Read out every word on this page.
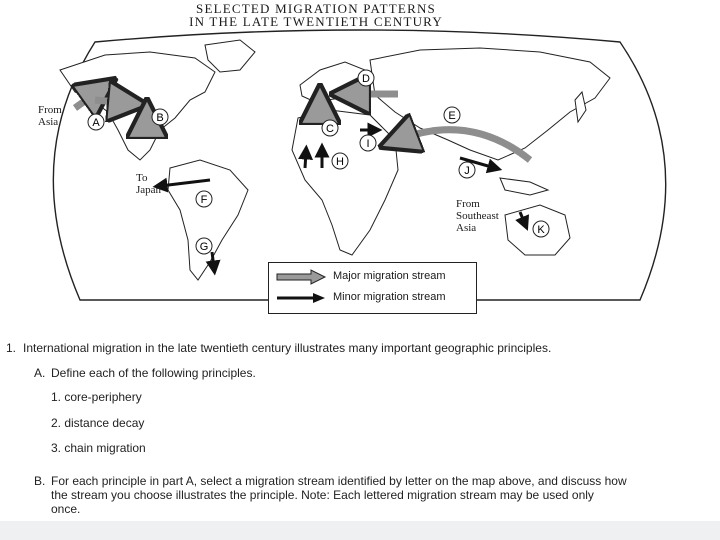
SELECTED MIGRATION PATTERNS
IN THE LATE TWENTIETH CENTURY
A	B
C
D
E
F
G
H
I
J
K
From
Asia
To
Japan
From
Southeast
Asia
Major migration stream
Minor migration stream
1. International migration in the late twentieth century illustrates many important geographic principles.
A. Define each of the following principles.
1. core-periphery
2. distance decay
3. chain migration
B. For each principle in part A, select a migration stream identified by letter on the map above, and discuss how
the stream you choose illustrates the principle. Note: Each lettered migration stream may be used only
once.
